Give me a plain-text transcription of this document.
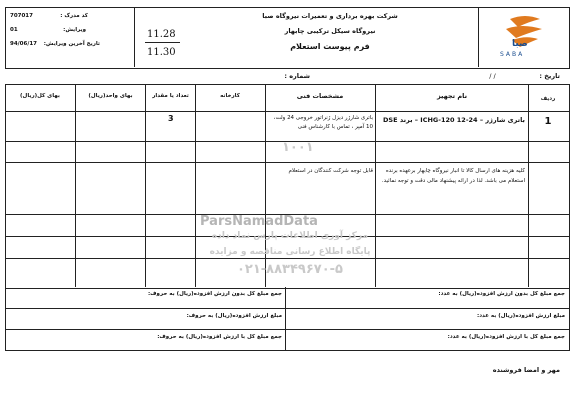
کد مدرک :
707017
ویرایش:
01
تاریخ آخرین ویرایش:
94/06/17
11.28
11.30
شرکت بهره برداری و تعمیرات نیروگاه صبا
نیروگاه سیکل ترکیبی چابهار
فرم پیوست استعلام	صبا
SABA
تاریخ :
/ /
شماره :
ردیف
نام تجهیز
مشخصات فنی
کارخانه
تعداد یا مقدار
بهای واحد(ریال)
بهای کل(ریال)
1
باتری شارژر – 24-12 ICHG-120 – برند DSE
باتری شارژر دیزل ژنراتور خروجی 24 ولت، 10 آمپر ، تماس با کارشناس فنی
3
قابل توجه شرکت کنندگان در استعلام	کلیه هزینه های ارسال کالا تا انبار نیروگاه چابهار برعهده برنده استعلام می باشد. لذا در ارائه پیشنهاد مالی دقت و توجه نمائید.
ParsNamadData
مرکز آوری اطلاعات پارس نماد داده
پایگاه اطلاع رسانی مناقصه و مزایده
۰۲۱-۸۸۳۴۹۶۷۰-۵
۱۰۰۱
جمع مبلغ کل بدون ارزش افزوده(ریال) به عدد:
جمع مبلغ کل بدون ارزش افزوده(ریال) به حروف:
مبلغ ارزش افزوده(ریال) به عدد:
مبلغ ارزش افزوده(ریال) به حروف:
جمع مبلغ کل با ارزش افزوده(ریال) به عدد:
جمع مبلغ کل با ارزش افزوده(ریال) به حروف:
مهر و امضا فروشنده
